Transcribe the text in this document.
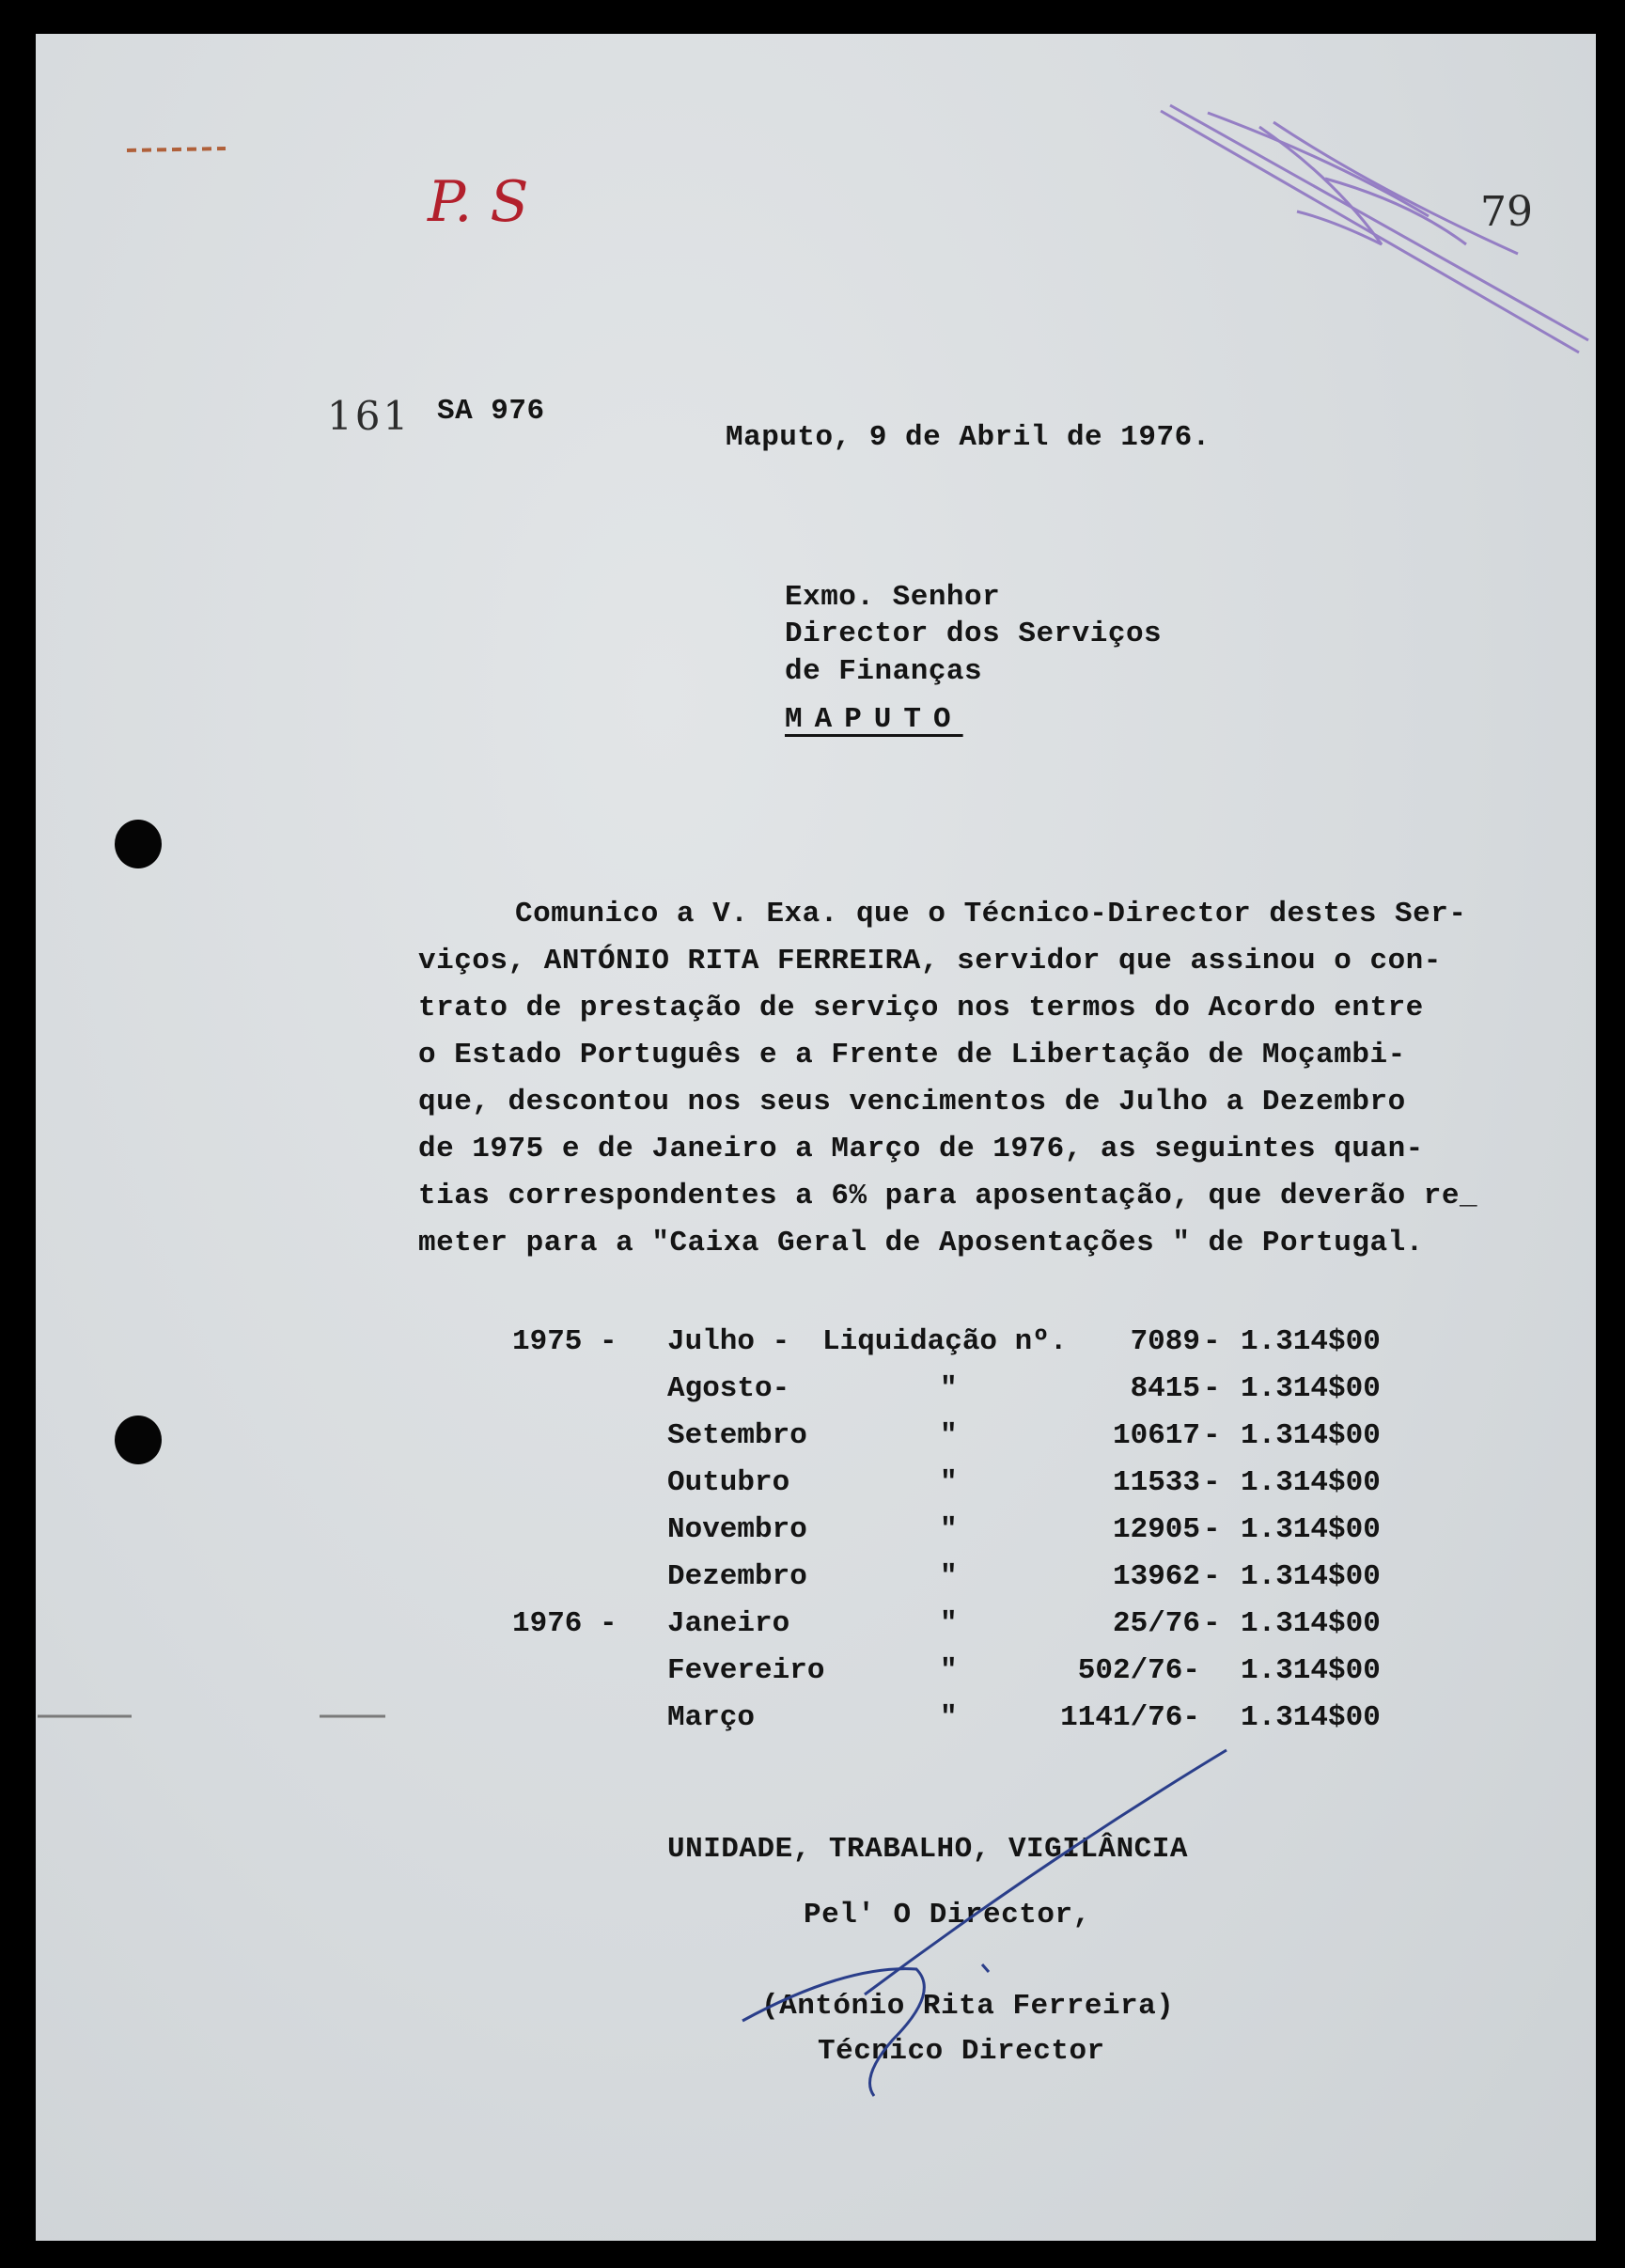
P. S	79
161 SA 976
Maputo, 9 de Abril de 1976.
Exmo. Senhor
Director dos Serviços
de Finanças
MAPUTO
Comunico a V. Exa. que o Técnico-Director destes Ser-
viços, ANTÓNIO RITA FERREIRA, servidor que assinou o con-
trato de prestação de serviço nos termos do Acordo entre
o Estado Português e a Frente de Libertação de Moçambi-
que, descontou nos seus vencimentos de Julho a Dezembro
de 1975 e de Janeiro a Março de 1976, as seguintes quan-
tias correspondentes a 6% para aposentação, que deverão re_
meter para a "Caixa Geral de Aposentações " de Portugal.
1975 - Julho - Liquidação nº. 7089 - 1.314$00
Agosto-	"	8415 - 1.314$00
Setembro	"	10617 - 1.314$00
Outubro	"	11533 - 1.314$00
Novembro	"	12905 - 1.314$00
Dezembro	"	13962 - 1.314$00
1976 - Janeiro	"	25/76 - 1.314$00
Fevereiro	"	502/76- 1.314$00
Março	"	1141/76- 1.314$00
UNIDADE, TRABALHO, VIGILÂNCIA
Pel' O Director,
(António Rita Ferreira)
Técnico Director
